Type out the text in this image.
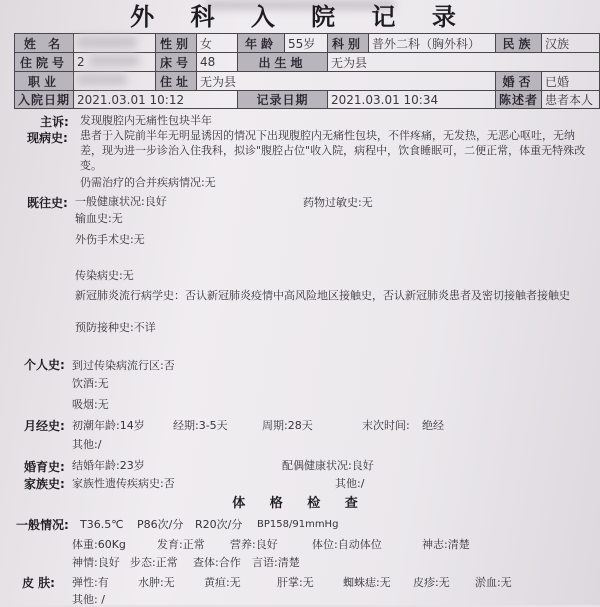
外 科 入 院 记 录
姓 名		性别	女	年龄	55岁	科别	普外二科（胸外科）	民族	汉族
住院号	2	床号	48	出生地		无为县			
职业		住址	无为县					婚否	已婚
入院日期	2021.03.01 10:12			记录日期		2021.03.01 10:34		陈述者	患者本人
主诉: 发现腹腔内无痛性包块半年
现病史: 患者于入院前半年无明显诱因的情况下出现腹腔内无痛性包块，不伴疼痛，无发热，无恶心呕吐，无纳差，现为进一步诊治入住我科，拟诊"腹腔占位"收入院，病程中，饮食睡眠可，二便正常，体重无特殊改变。
仍需治疗的合并疾病情况:无
既往史: 一般健康状况:良好	药物过敏史:无
输血史:无
外伤手术史:无
传染病史:无
新冠肺炎流行病学史：否认新冠肺炎疫情中高风险地区接触史，否认新冠肺炎患者及密切接触者接触史
预防接种史:不详
个人史: 到过传染病流行区:否
饮酒:无
吸烟:无
月经史: 初潮年龄:14岁	经期:3-5天	周期:28天	末次时间: 绝经
其他:/
婚育史: 结婚年龄:23岁	配偶健康状况:良好
其他:/
家族史: 家族性遗传疾病史:否
体 格 检 查
一般情况: T36.5℃ P86次/分 R20次/分 BP158/91mmHg
体重:60Kg	发育:正常 营养:良好	体位:自动体位	神志:清楚
神情:良好 步态:正常 查体:合作 言语:清楚
皮 肤: 弹性:有	水肿:无	黄疸:无	肝掌:无	蜘蛛痣:无 皮疹:无 淤血:无
其他: /
